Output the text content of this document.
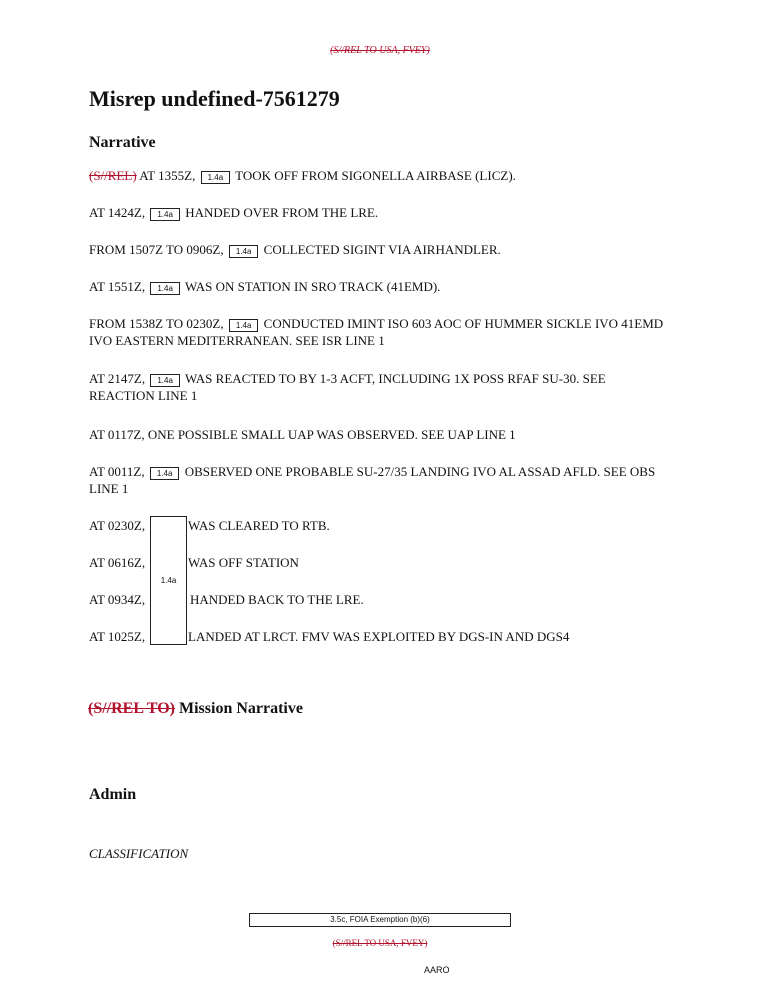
(S//REL TO USA, FVEY)
Misrep undefined-7561279
Narrative

(S//REL) AT 1355Z, 1.4a TOOK OFF FROM SIGONELLA AIRBASE (LICZ).

AT 1424Z, 1.4a HANDED OVER FROM THE LRE.

FROM 1507Z TO 0906Z, 1.4a COLLECTED SIGINT VIA AIRHANDLER.

AT 1551Z, 1.4a WAS ON STATION IN SRO TRACK (41EMD).

FROM 1538Z TO 0230Z, 1.4a CONDUCTED IMINT ISO 603 AOC OF HUMMER SICKLE IVO 41EMD IVO EASTERN MEDITERRANEAN. SEE ISR LINE 1

AT 2147Z, 1.4a WAS REACTED TO BY 1-3 ACFT, INCLUDING 1X POSS RFAF SU-30. SEE REACTION LINE 1

AT 0117Z, ONE POSSIBLE SMALL UAP WAS OBSERVED. SEE UAP LINE 1

AT 0011Z, 1.4a OBSERVED ONE PROBABLE SU-27/35 LANDING IVO AL ASSAD AFLD. SEE OBS LINE 1

AT 0230Z,	WAS CLEARED TO RTB.
AT 0616Z,	WAS OFF STATION
AT 0934Z,	HANDED BACK TO THE LRE.
AT 1025Z,	LANDED AT LRCT. FMV WAS EXPLOITED BY DGS-IN AND DGS4
1.4a
(S//REL TO) Mission Narrative
Admin
CLASSIFICATION
3.5c, FOIA Exemption (b)(6)
(S//REL TO USA, FVEY)
AARO
